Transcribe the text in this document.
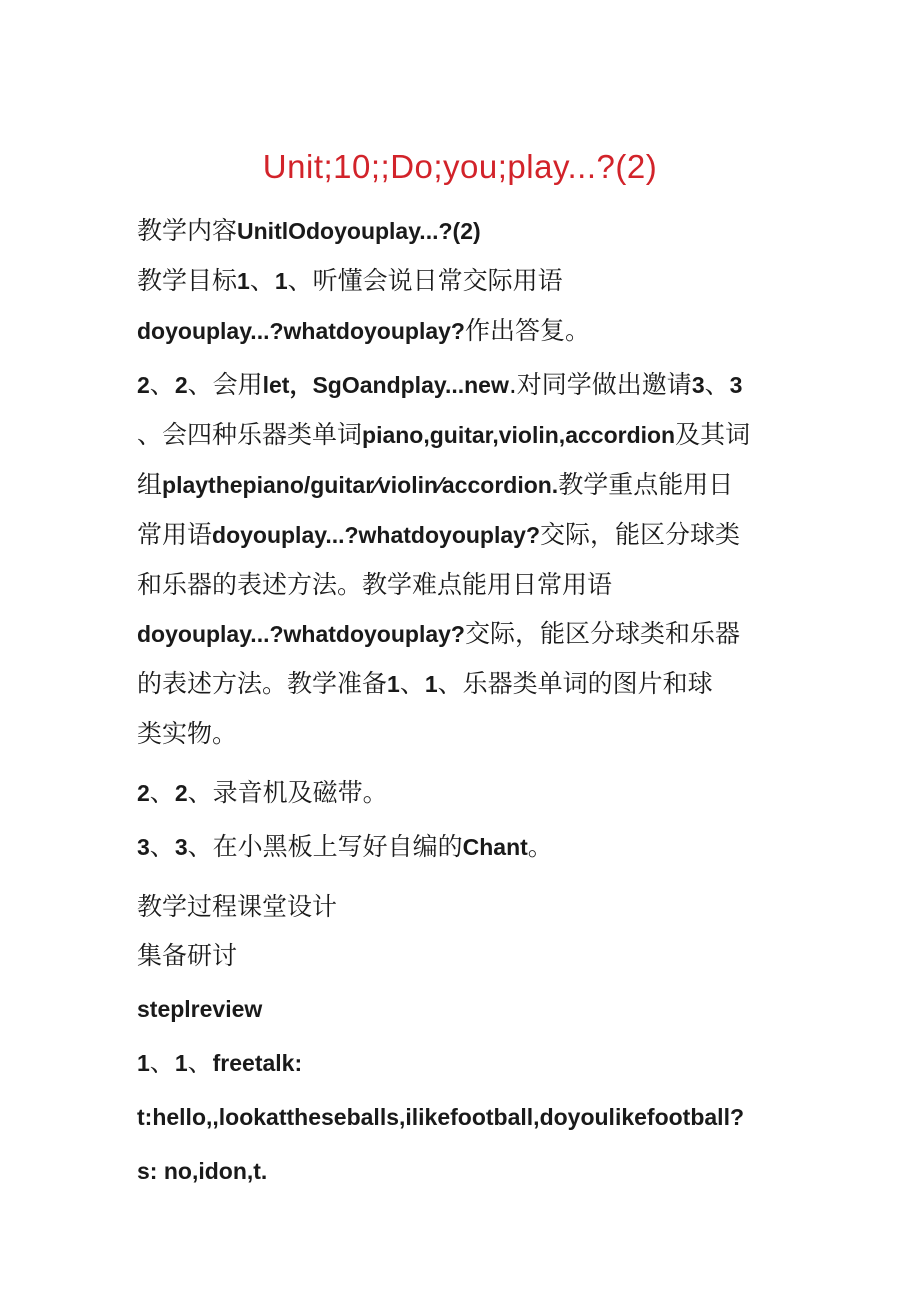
Unit;10;;Do;you;play...?(2)

教学内容UnitlOdoyouplay...?(2)

教学目标1、1、听懂会说日常交际用语

doyouplay...?whatdoyouplay?作出答复。

2、2、会用let，SgOandplay...new.对同学做出邀请3、3

、会四种乐器类单词piano,guitar,violin,accordion及其词

组playthepiano/guitar∕violin∕accordion.教学重点能用日

常用语doyouplay...?whatdoyouplay?交际，能区分球类

和乐器的表述方法。教学难点能用日常用语

doyouplay...?whatdoyouplay?交际，能区分球类和乐器

的表述方法。教学准备1、1、乐器类单词的图片和球

类实物。

2、2、录音机及磁带。

3、3、在小黑板上写好自编的Chant。

教学过程课堂设计

集备研讨

steplreview

1、1、freetalk:

t:hello,,lookattheseballs,ilikefootball,doyoulikefootball?

s: no,idon,t.
